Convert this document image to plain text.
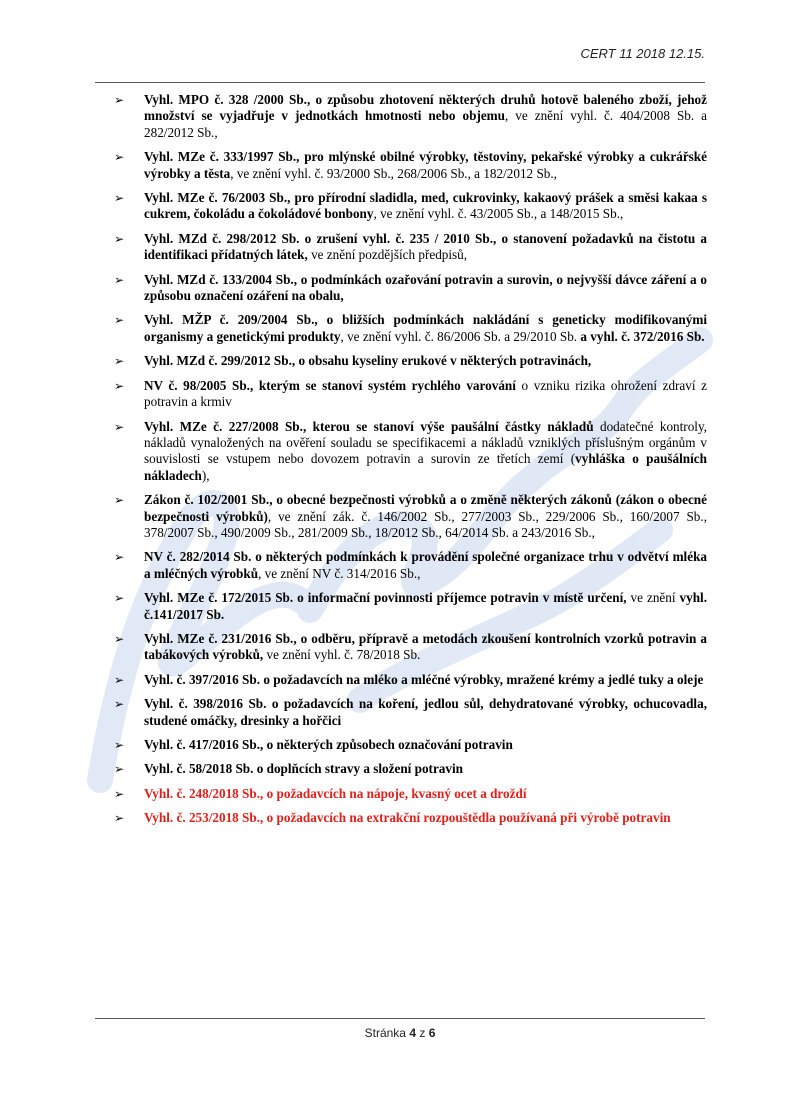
CERT 11 2018 12.15.
➢ Vyhl. MPO č. 328 /2000 Sb., o způsobu zhotovení některých druhů hotově baleného zboží, jehož množství se vyjadřuje v jednotkách hmotnosti nebo objemu, ve znění vyhl. č. 404/2008 Sb. a 282/2012 Sb.,
➢ Vyhl. MZe č. 333/1997 Sb., pro mlýnské obilné výrobky, těstoviny, pekařské výrobky a cukrářské výrobky a těsta, ve znění vyhl. č. 93/2000 Sb., 268/2006 Sb., a 182/2012 Sb.,
➢ Vyhl. MZe č. 76/2003 Sb., pro přírodní sladidla, med, cukrovinky, kakaový prášek a směsi kakaa s cukrem, čokoládu a čokoládové bonbony, ve znění vyhl. č. 43/2005 Sb., a 148/2015 Sb.,
➢ Vyhl. MZd č. 298/2012 Sb. o zrušení vyhl. č. 235 / 2010 Sb., o stanovení požadavků na čistotu a identifikaci přídatných látek, ve znění pozdějších předpisů,
➢ Vyhl. MZd č. 133/2004 Sb., o podmínkách ozařování potravin a surovin, o nejvyšší dávce záření a o způsobu označení ozáření na obalu,
➢ Vyhl. MŽP č. 209/2004 Sb., o bližších podmínkách nakládání s geneticky modifikovanými organismy a genetickými produkty, ve znění vyhl. č. 86/2006 Sb. a 29/2010 Sb. a vyhl. č. 372/2016 Sb.
➢ Vyhl. MZd č. 299/2012 Sb., o obsahu kyseliny erukové v některých potravinách,
➢ NV č. 98/2005 Sb., kterým se stanoví systém rychlého varování o vzniku rizika ohrožení zdraví z potravin a krmiv
➢ Vyhl. MZe č. 227/2008 Sb., kterou se stanoví výše paušální částky nákladů dodatečné kontroly, nákladů vynaložených na ověření souladu se specifikacemi a nákladů vzniklých příslušným orgánům v souvislosti se vstupem nebo dovozem potravin a surovin ze třetích zemí (vyhláška o paušálních nákladech),
➢ Zákon č. 102/2001 Sb., o obecné bezpečnosti výrobků a o změně některých zákonů (zákon o obecné bezpečnosti výrobků), ve znění zák. č. 146/2002 Sb., 277/2003 Sb., 229/2006 Sb., 160/2007 Sb., 378/2007 Sb., 490/2009 Sb., 281/2009 Sb., 18/2012 Sb., 64/2014 Sb. a 243/2016 Sb.,
➢ NV č. 282/2014 Sb. o některých podmínkách k provádění společné organizace trhu v odvětví mléka a mléčných výrobků, ve znění NV č. 314/2016 Sb.,
➢ Vyhl. MZe č. 172/2015 Sb. o informační povinnosti příjemce potravin v místě určení, ve znění vyhl. č.141/2017 Sb.
➢ Vyhl. MZe č. 231/2016 Sb., o odběru, přípravě a metodách zkoušení kontrolních vzorků potravin a tabákových výrobků, ve znění vyhl. č. 78/2018 Sb.
➢ Vyhl. č. 397/2016 Sb. o požadavcích na mléko a mléčné výrobky, mražené krémy a jedlé tuky a oleje
➢ Vyhl. č. 398/2016 Sb. o požadavcích na koření, jedlou sůl, dehydratované výrobky, ochucovadla, studené omáčky, dresinky a hořčici
➢ Vyhl. č. 417/2016 Sb., o některých způsobech označování potravin
➢ Vyhl. č. 58/2018 Sb. o doplňcích stravy a složení potravin
➢ Vyhl. č. 248/2018 Sb., o požadavcích na nápoje, kvasný ocet a droždí
➢ Vyhl. č. 253/2018 Sb., o požadavcích na extrakční rozpouštědla používaná při výrobě potravin
Stránka 4 z 6
